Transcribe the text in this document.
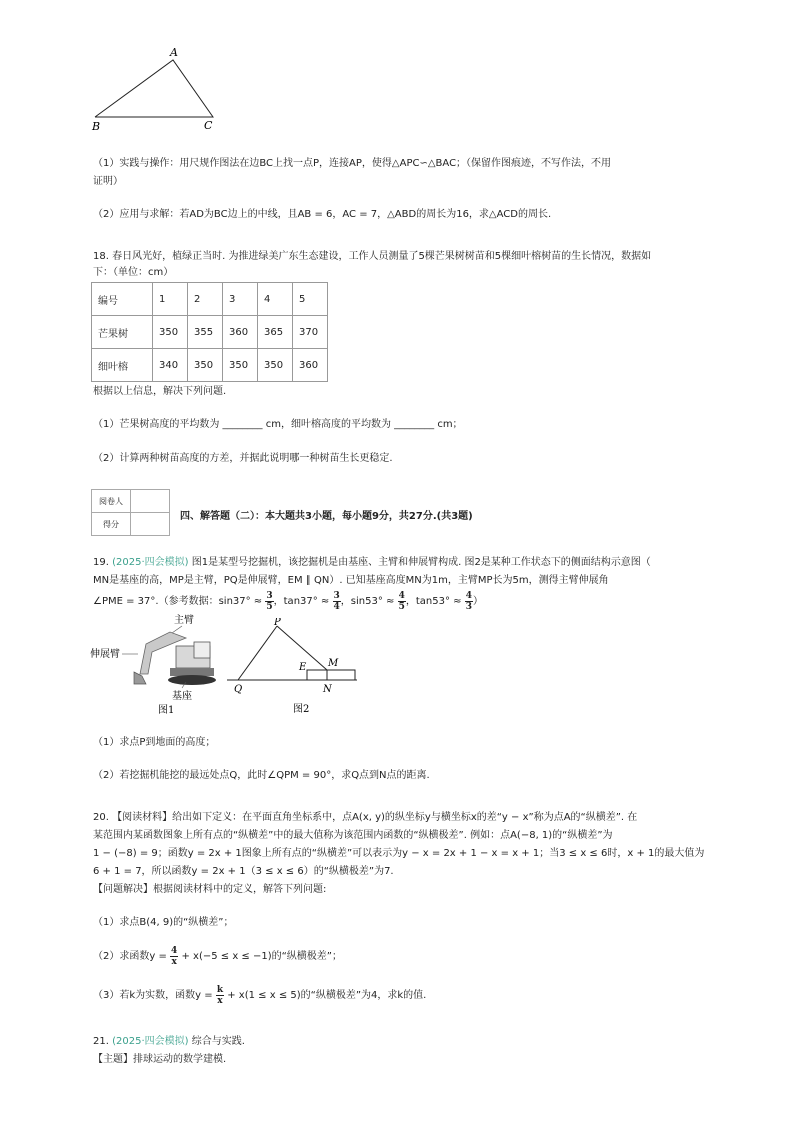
A
B	C
（1）实践与操作：用尺规作图法在边BC上找一点P，连接AP，使得△APC∽△BAC；（保留作图痕迹，不写作法，不用
证明）
（2）应用与求解：若AD为BC边上的中线，且AB = 6，AC = 7，△ABD的周长为16，求△ACD的周长.
18. 春日风光好，植绿正当时. 为推进绿美广东生态建设，工作人员测量了5棵芒果树树苗和5棵细叶榕树苗的生长情况，数据如
下：（单位：cm）
编号	1	2	3	4	5
芒果树	350	355	360	365	370
细叶榕	340	350	350	350	360
根据以上信息，解决下列问题.
（1）芒果树高度的平均数为 ________ cm，细叶榕高度的平均数为 ________ cm；
（2）计算两种树苗高度的方差，并据此说明哪一种树苗生长更稳定.
阅卷人	
得分	
四、解答题（二）：本大题共3小题，每小题9分，共27分.(共3题)
19. (2025·四会模拟) 图1是某型号挖掘机，该挖掘机是由基座、主臂和伸展臂构成. 图2是某种工作状态下的侧面结构示意图（
MN是基座的高，MP是主臂，PQ是伸展臂，EM ∥ QN）. 已知基座高度MN为1m，主臂MP长为5m，测得主臂伸展角
∠PME = 37°.（参考数据：$\sin 37^\circ \approx \frac{3}{5}$ ，$\tan 37^\circ \approx \frac{3}{4}$ ，$\sin 53^\circ \approx \frac{4}{5}$ ，$\tan 53^\circ \approx \frac{4}{3}$ ）
主臂
伸展臂
基座
图1
P
E M
Q	N
图2
（1）求点P到地面的高度；
（2）若挖掘机能挖的最远处点Q，此时∠QPM = 90°，求Q点到N点的距离.
20. 【阅读材料】给出如下定义：在平面直角坐标系中，点A(x, y)的纵坐标y与横坐标x的差“y − x”称为点A的“纵横差”. 在
某范围内某函数图象上所有点的“纵横差”中的最大值称为该范围内函数的“纵横极差”. 例如：点A(−8, 1)的“纵横差”为
1 − (−8) = 9；函数y = 2x + 1图象上所有点的“纵横差”可以表示为y − x = 2x + 1 − x = x + 1；当3 ≤ x ≤ 6时，x + 1的最大值为
6 + 1 = 7，所以函数y = 2x + 1（3 ≤ x ≤ 6）的“纵横极差”为7.
【问题解决】根据阅读材料中的定义，解答下列问题:
（1）求点B(4, 9)的“纵横差”；
（2）求函数$y = \frac{4}{x} + x(-5 \le x \le -1)$的“纵横极差”；
（3）若k为实数，函数$y = \frac{k}{x} + x(1 \le x \le 5)$的“纵横极差”为4，求k的值.
21. (2025·四会模拟) 综合与实践.
【主题】排球运动的数学建模.
